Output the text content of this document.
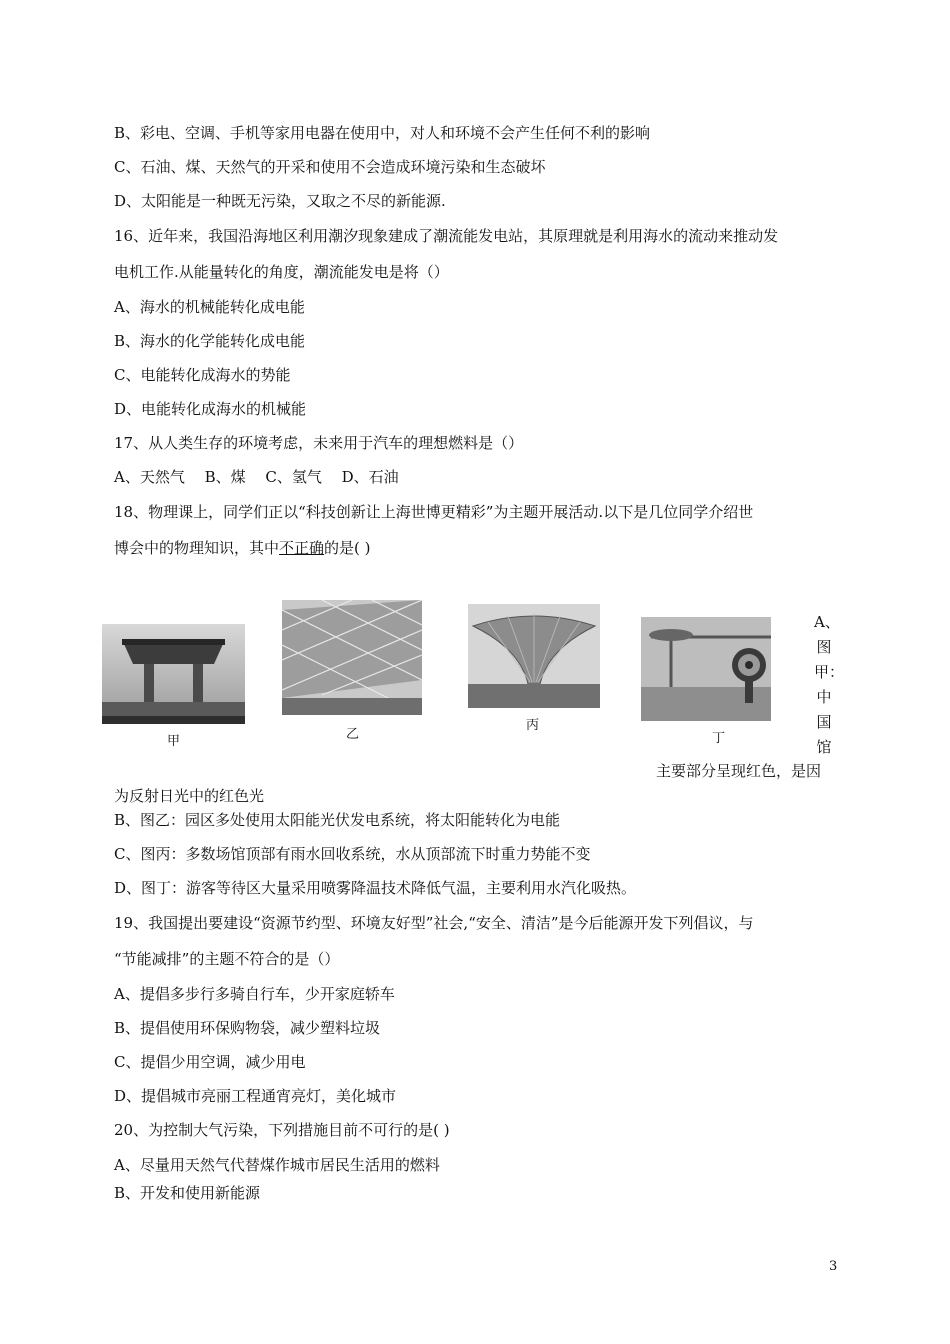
B、彩电、空调、手机等家用电器在使用中，对人和环境不会产生任何不利的影响
C、石油、煤、天然气的开采和使用不会造成环境污染和生态破坏
D、太阳能是一种既无污染，又取之不尽的新能源.
16、近年来，我国沿海地区利用潮汐现象建成了潮流能发电站，其原理就是利用海水的流动来推动发
电机工作.从能量转化的角度，潮流能发电是将（）
A、海水的机械能转化成电能
B、海水的化学能转化成电能
C、电能转化成海水的势能
D、电能转化成海水的机械能
17、从人类生存的环境考虑，未来用于汽车的理想燃料是（）
A、天然气　 B、煤　 C、氢气　 D、石油
18、物理课上，同学们正以“科技创新让上海世博更精彩”为主题开展活动.以下是几位同学介绍世
博会中的物理知识，其中不正确的是( )
甲	乙
丙
丁
A、
图
甲：
中
国
馆
主要部分呈现红色，是因
为反射日光中的红色光
B、图乙：园区多处使用太阳能光伏发电系统，将太阳能转化为电能
C、图丙：多数场馆顶部有雨水回收系统，水从顶部流下时重力势能不变
D、图丁：游客等待区大量采用喷雾降温技术降低气温，主要利用水汽化吸热。
19、我国提出要建设“资源节约型、环境友好型”社会,“安全、清洁”是今后能源开发下列倡议，与
“节能减排”的主题不符合的是（）
A、提倡多步行多骑自行车，少开家庭轿车
B、提倡使用环保购物袋，减少塑料垃圾
C、提倡少用空调，减少用电
D、提倡城市亮丽工程通宵亮灯，美化城市
20、为控制大气污染，下列措施目前不可行的是( )
A、尽量用天然气代替煤作城市居民生活用的燃料
B、开发和使用新能源
3
